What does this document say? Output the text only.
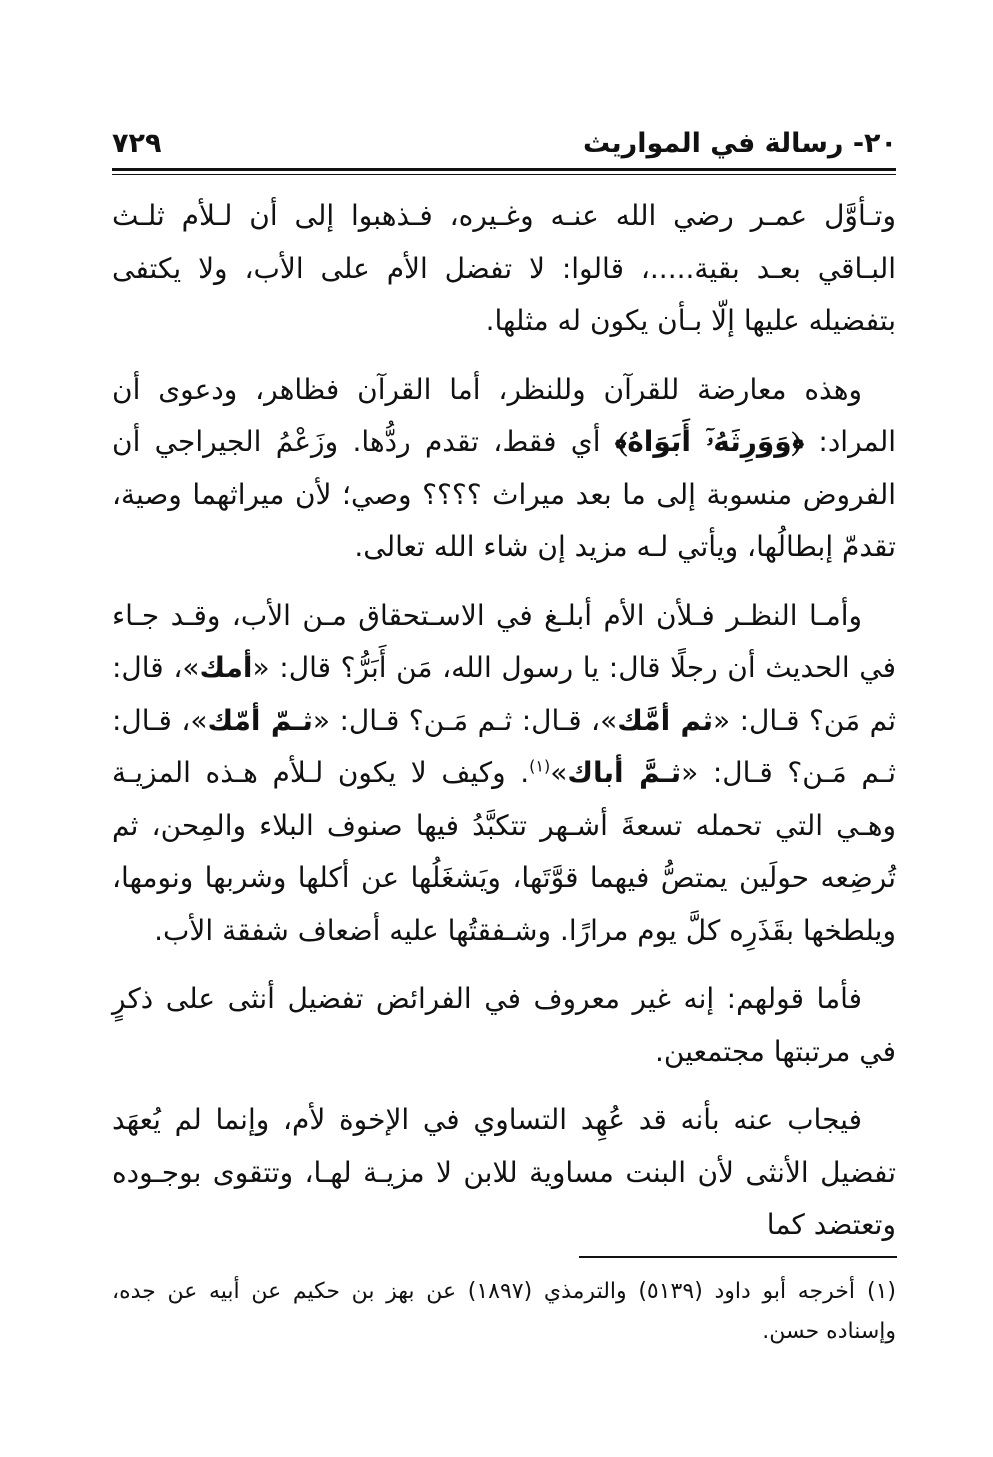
٢٠- رسالة في المواريث
٧٢٩

وتـأوَّل عمـر رضي الله عنـه وغـيره، فـذهبوا إلى أن لـلأم ثلـث البـاقي بعـد بقية.....، قالوا: لا تفضل الأم على الأب، ولا يكتفى بتفضيله عليها إلّا بـأن يكون له مثلها.

وهذه معارضة للقرآن وللنظر، أما القرآن فظاهر، ودعوى أن المراد: ﴿وَوَرِثَهُۥٓ أَبَوَاهُ﴾ أي فقط، تقدم ردُّها. وزَعْمُ الجيراجي أن الفروض منسوبة إلى ما بعد ميراث ؟؟؟؟ وصي؛ لأن ميراثهما وصية، تقدمّ إبطالُها، ويأتي لـه مزيد إن شاء الله تعالى.

وأمـا النظـر فـلأن الأم أبلـغ في الاسـتحقاق مـن الأب، وقـد جـاء في الحديث أن رجلًا قال: يا رسول الله، مَن أَبَرُّ؟ قال: «أمك»، قال: ثم مَن؟ قـال: «ثم أمَّك»، قـال: ثـم مَـن؟ قـال: «ثـمّ أمّك»، قـال: ثـم مَـن؟ قـال: «ثـمَّ أباك»$^{(١)}$. وكيف لا يكون لـلأم هـذه المزيـة وهـي التي تحمله تسعةَ أشـهر تتكبَّدُ فيها صنوف البلاء والمِحن، ثم تُرضِعه حولَين يمتصُّ فيهما قوَّتَها، ويَشغَلُها عن أكلها وشربها ونومها، ويلطخها بقَذَرِه كلَّ يوم مرارًا. وشـفقتُها عليه أضعاف شفقة الأب.

فأما قولهم: إنه غير معروف في الفرائض تفضيل أنثى على ذكرٍ في مرتبتها مجتمعين.

فيجاب عنه بأنه قد عُهِد التساوي في الإخوة لأم، وإنما لم يُعهَد تفضيل الأنثى لأن البنت مساوية للابن لا مزيـة لهـا، وتتقوى بوجـوده وتعتضد كما

(١)أخرجه أبو داود (٥١٣٩) والترمذي (١٨٩٧) عن بهز بن حكيم عن أبيه عن جده، وإسناده حسن.
